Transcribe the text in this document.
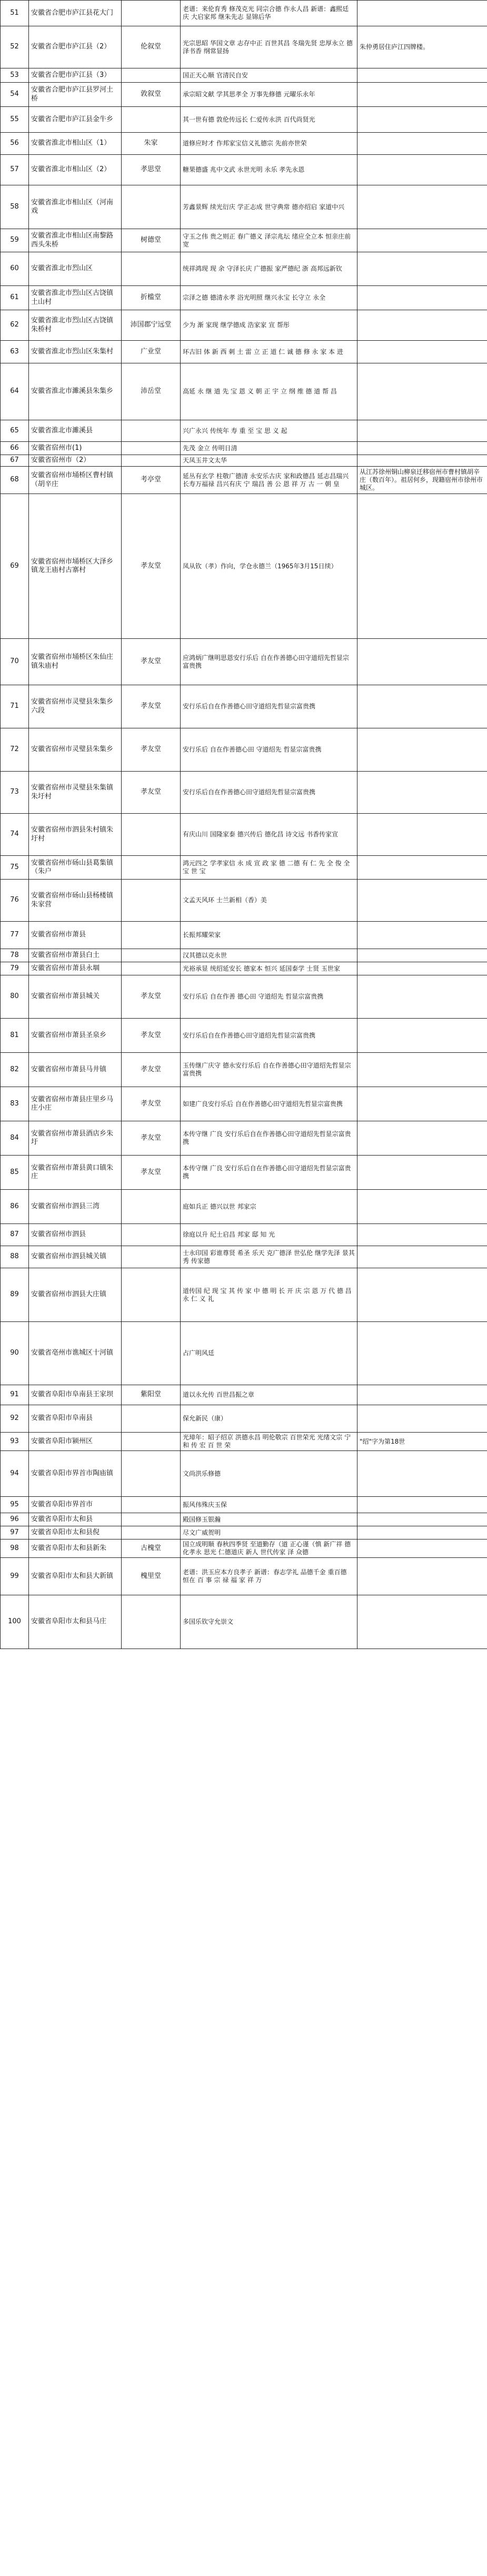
51	安徽省合肥市庐江县花大门		老谱：来伦育秀 修茂克光 同宗合德 作永人昌 新谱：鑫熙廷庆 大启家邦 继朱先志 显锦后华	
52	安徽省合肥市庐江县（2）	伦叙堂	光宗思昭 华国文章 志存中正 百世其昌 冬瑞先贤 忠厚永立 德泽书香 纲常显扬	朱仲勇居住庐江四牌楼。
53	安徽省合肥市庐江县（3）		国正天心顺 官清民自安	
54	安徽省合肥市庐江县罗河土桥	敦叙堂	承宗昭文献 学其思孝全 万事先修德 元曜乐永年	
55	安徽省合肥市庐江县金牛乡		其一世有德 敦伦传远长 仁爱传永洪 百代尚贤光	
56	安徽省淮北市相山区（1）	朱家	道修应时才 作邦家宝信义礼德宗 先前亦世荣	
57	安徽省淮北市相山区（2）	孝思堂	糖果德盛 兆中文武 永世光明 永乐 孝先永恩	
58	安徽省淮北市相山区（河南戏		芳鑫景辉 续光衍庆 学正志成 世守典常 德亦绍启 家道中兴	
59	安徽省淮北市相山区南黎路西头朱桥	树德堂	守玉之伟 贵之则正 春广德义 泽宗兆坛 绪应全立本 恒亲庄前宽	
60	安徽省淮北市烈山区		统祥鸿现 现 余 守泽长庆 广德振 家严德纪 浙 高邦远新钦	
61	安徽省淮北市烈山区古饶镇土山村	折槛堂	宗泽之德 德清永孝 浴光明照 继兴永宝 长守立 永全	
62	安徽省淮北市烈山区古饶镇朱桥村	沛国郡宁远堂	少为 渐 家现 继学德成 浩家家 宣 帮彤	
63	安徽省淮北市烈山区朱集村	广业堂	环古旧 体 新 西 刺 土 雷 立 正 道 仁 诚 德 修 永 家 本 进	
64	安徽省淮北市濉溪县朱集乡	沛岳堂	高延 永 继 道 先 宝 恩 义 朝 正 宇 立 纲 维 德 道 帮 昌	
65	安徽省淮北市濉溪县		兴广永兴 传统年 寿 重 至 宝 思 义 起	
66	安徽省宿州市(1)		先茂 金立 传明日清	
67	安徽省宿州市（2）		天凤玉井文太华	
68	安徽省宿州市埇桥区曹村镇（胡辛庄	考亭堂	延丛有玄学 柱敬广德清 永安乐古庆 家和政德昌 延志昌瑞兴 长寿万福禄 昌兴有庆 宁 瑞昌 善 公 恩 祥 万 古 一 朝 皇	从江苏徐州铜山柳泉迁移宿州市曹村镇胡辛庄（数百年）。祖居何乡，现籍宿州市徐州市城区。
69	安徽省宿州市埇桥区大泽乡镇龙王庙村古寨村	孝友堂	凤从钦（孝）作向，学仓永德兰（1965年3月15日续）	
70	安徽省宿州市埇桥区朱仙庄镇朱庙村	孝友堂	应鸿炳广继明思恩安行乐后 自在作善德心田守道绍先哲显宗富贵携	
71	安徽省宿州市灵璧县朱集乡六段	孝友堂	安行乐后自在作善德心田守道绍先哲显宗富贵携	
72	安徽省宿州市灵璧县朱集乡	孝友堂	安行乐后 自在作善德心田 守道绍先 哲显宗富贵携	
73	安徽省宿州市灵璧县朱集镇朱圩村	孝友堂	安行乐后自在作善德心田守道绍先哲显宗富贵携	
74	安徽省宿州市泗县朱村镇朱圩村		有庆山川 国隆家泰 德兴传后 德化昌 诗文远 书香传家宣	
75	安徽省宿州市砀山县葛集镇（朱户		鸿元四之 学孝家信 永 成 宣 政 家 德 二德 有 仁 先 全 俊 全 宝 世 宝	
76	安徽省宿州市砀山县杨楼镇朱家营		文孟天风环 士兰新相（香）美	
77	安徽省宿州市萧县		长振邦耀荣家	
78	安徽省宿州市萧县白土		汉其德以克永世	
79	安徽省宿州市萧县永堌		光裕承显 统绍延安长 德家本 恒兴 延国泰学 士贤 玉世家	
80	安徽省宿州市萧县城关	孝友堂	安行乐后 自在作善 德心田 守道绍先 哲显宗富贵携	
81	安徽省宿州市萧县圣泉乡	孝友堂	安行乐后自在作善德心田守道绍先哲显宗富贵携	
82	安徽省宿州市萧县马井镇	孝友堂	玉传继广庆守 德永安行乐后 自在作善德心田守道绍先哲显宗富贵携	
83	安徽省宿州市萧县庄里乡马庄小庄	孝友堂	如建广良安行乐后 自在作善德心田守道绍先哲显宗富贵携	
84	安徽省宿州市萧县酒店乡朱圩	孝友堂	本传守继 广良 安行乐后自在作善德心田守道绍先哲显宗富贵携	
85	安徽省宿州市萧县黄口镇朱庄	孝友堂	本传守继 广良 安行乐后自在作善德心田守道绍先哲显宗富贵携	
86	安徽省宿州市泗县三湾		庭如兵正 德兴以世 邦家宗	
87	安徽省宿州市泗县		徐庭以升 纪士启昌 邦家 邸 知 光	
88	安徽省宿州市泗县城关镇		士永印国 彩谁尊贤 希圣 乐天 克广德泽 世弘伦 继学先泽 景其秀 传家德	
89	安徽省宿州市泗县大庄镇		道传国 纪 现 宝 其 传 家 中 德 明 长 开 庆 宗 恩 万 代 德 昌 永 仁 义 礼	
90	安徽省亳州市谯城区十河镇		占广明风廷	
91	安徽省阜阳市阜南县王家坝	紫阳堂	道以永允传 百世昌振之章	
92	安徽省阜阳市阜南县		保允新民（康）	
93	安徽省阜阳市颍州区		光璋年：昭子绍京 洪德永昌 明伦敬宗 百世荣光 光绪文宗 宁 和 传 宏 百 世 荣	"绍"字为第18世
94	安徽省阜阳市界首市陶庙镇		文尚洪乐修德	
95	安徽省阜阳市界首市		振风伟殊庆玉保	
96	安徽省阜阳市太和县		殿国修玉银瀚	
97	安徽省阜阳市太和县倪		尽文广威贺明	
98	安徽省阜阳市太和县新朱	古槐堂	国立成明顺 春秋四季贤 至道勤存（道 正心谨（慎 新广祥 德化孝永 思光 仁德道庆 新人 世代传家 泽 众德	
99	安徽省阜阳市太和县大新镇	槐里堂	老谱：洪玉应本方良孝子 新谱：春志学礼 品德千金 重百德 恒在 百 事 宗 禄 福 家 祥 万	
100	安徽省阜阳市太和县马庄		多国乐钦守允崇文	
